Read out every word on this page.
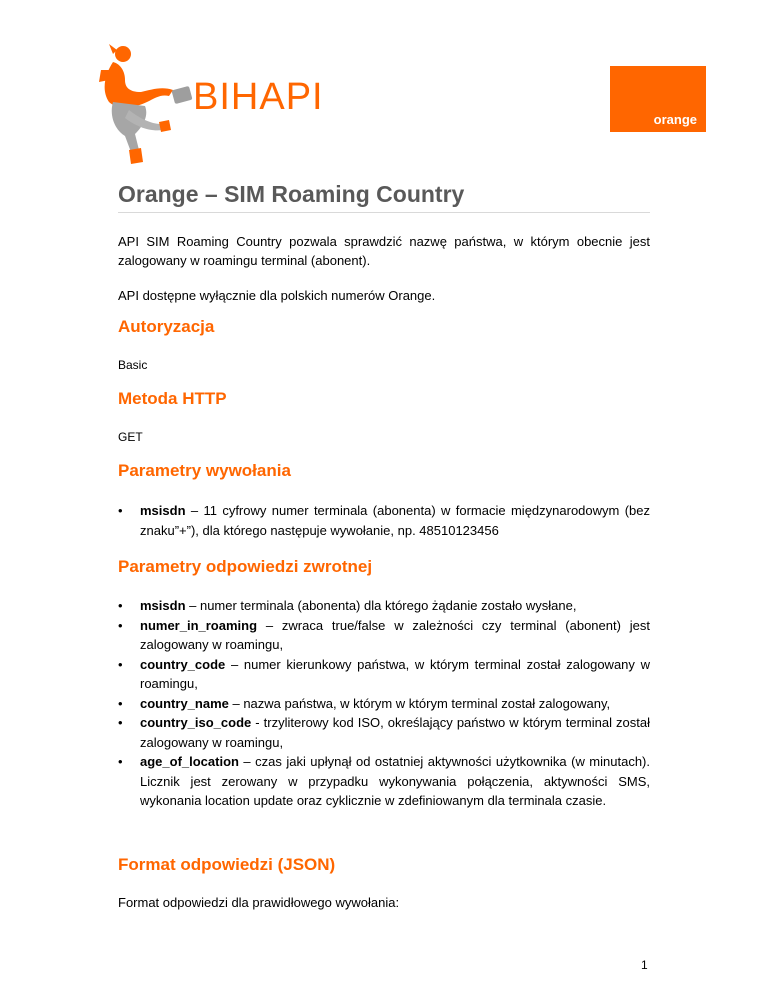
BIHAPI
orange
Orange – SIM Roaming Country

API SIM Roaming Country pozwala sprawdzić nazwę państwa, w którym obecnie jest zalogowany w roamingu terminal (abonent).

API dostępne wyłącznie dla polskich numerów Orange.

Autoryzacja

Basic

Metoda HTTP

GET

Parametry wywołania
• msisdn – 11 cyfrowy numer terminala (abonenta) w formacie międzynarodowym (bez znaku”+”), dla którego następuje wywołanie, np. 48510123456
Parametry odpowiedzi zwrotnej
• msisdn – numer terminala (abonenta) dla którego żądanie zostało wysłane,
• numer_in_roaming – zwraca true/false w zależności czy terminal (abonent) jest zalogowany w roamingu,
• country_code – numer kierunkowy państwa, w którym terminal został zalogowany w roamingu,
• country_name – nazwa państwa, w którym w którym terminal został zalogowany,
• country_iso_code - trzyliterowy kod ISO, określający państwo w którym terminal został zalogowany w roamingu,
• age_of_location – czas jaki upłynął od ostatniej aktywności użytkownika (w minutach). Licznik jest zerowany w przypadku wykonywania połączenia, aktywności SMS, wykonania location update oraz cyklicznie w zdefiniowanym dla terminala czasie.
Format odpowiedzi (JSON)

Format odpowiedzi dla prawidłowego wywołania:

1
